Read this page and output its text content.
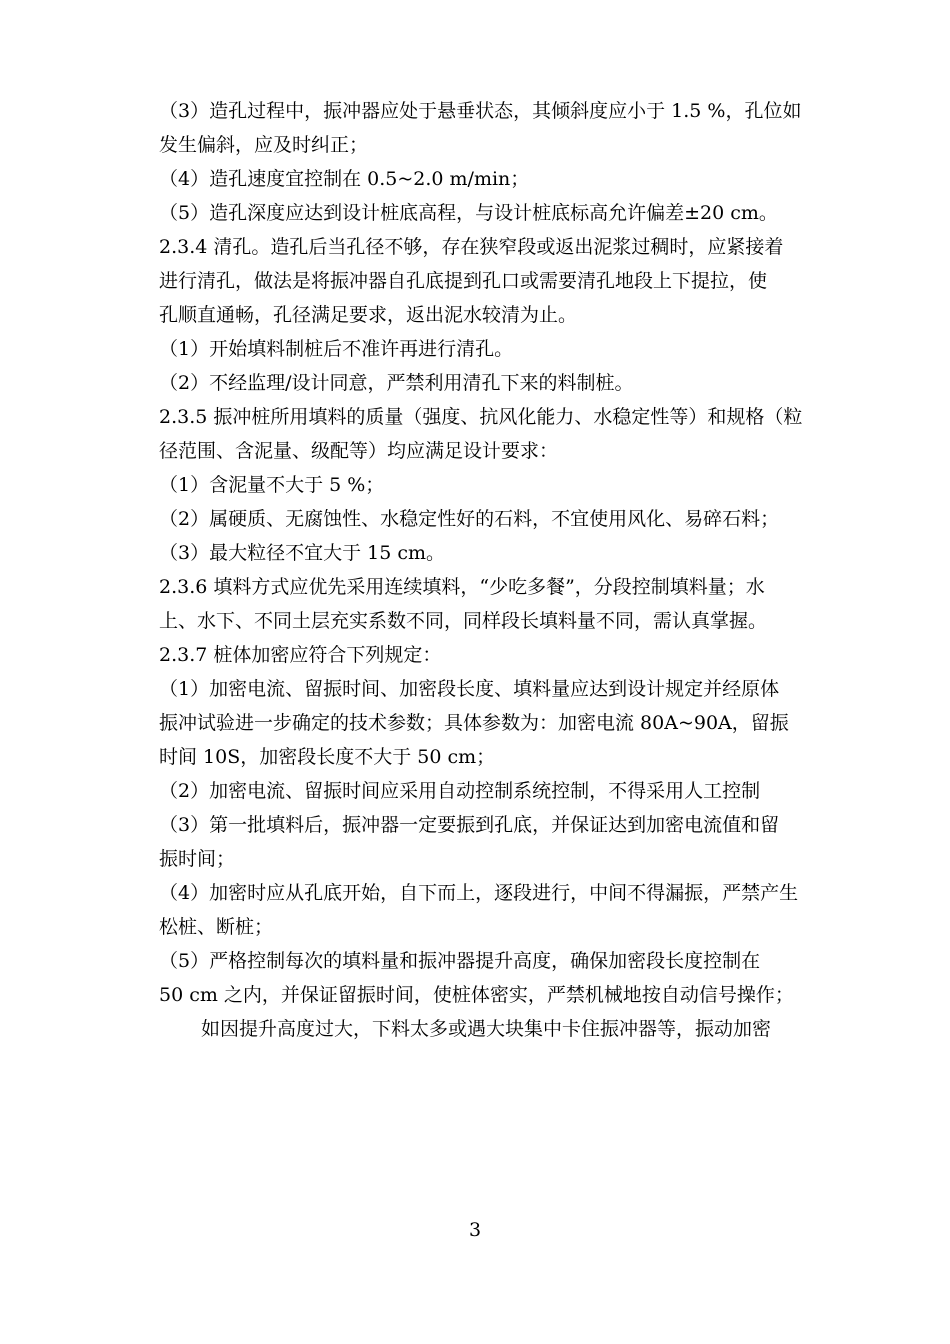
（3）造孔过程中，振冲器应处于悬垂状态，其倾斜度应小于 1.5 %，孔位如
发生偏斜，应及时纠正；
（4）造孔速度宜控制在 0.5~2.0 m/min；
（5）造孔深度应达到设计桩底高程，与设计桩底标高允许偏差±20 cm。
2.3.4 清孔。造孔后当孔径不够，存在狭窄段或返出泥浆过稠时，应紧接着
进行清孔，做法是将振冲器自孔底提到孔口或需要清孔地段上下提拉，使
孔顺直通畅，孔径满足要求，返出泥水较清为止。
（1）开始填料制桩后不准许再进行清孔。
（2）不经监理/设计同意，严禁利用清孔下来的料制桩。
2.3.5 振冲桩所用填料的质量（强度、抗风化能力、水稳定性等）和规格（粒
径范围、含泥量、级配等）均应满足设计要求：
（1）含泥量不大于 5 %；
（2）属硬质、无腐蚀性、水稳定性好的石料，不宜使用风化、易碎石料；
（3）最大粒径不宜大于 15 cm。
2.3.6 填料方式应优先采用连续填料，“少吃多餐”，分段控制填料量；水
上、水下、不同土层充实系数不同，同样段长填料量不同，需认真掌握。
2.3.7 桩体加密应符合下列规定：
（1）加密电流、留振时间、加密段长度、填料量应达到设计规定并经原体
振冲试验进一步确定的技术参数；具体参数为：加密电流 80A~90A，留振
时间 10S，加密段长度不大于 50 cm；
（2）加密电流、留振时间应采用自动控制系统控制，不得采用人工控制
（3）第一批填料后，振冲器一定要振到孔底，并保证达到加密电流值和留
振时间；
（4）加密时应从孔底开始，自下而上，逐段进行，中间不得漏振，严禁产生
松桩、断桩；
（5）严格控制每次的填料量和振冲器提升高度，确保加密段长度控制在
50 cm 之内，并保证留振时间，使桩体密实，严禁机械地按自动信号操作；
如因提升高度过大，下料太多或遇大块集中卡住振冲器等，振动加密
3
